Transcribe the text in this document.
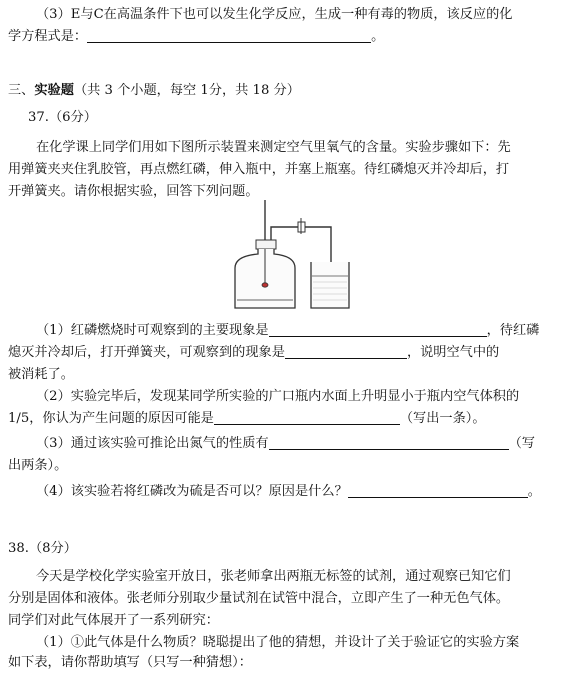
（3）E与C在高温条件下也可以发生化学反应，生成一种有毒的物质，该反应的化
学方程式是：	。
三、实验题（共 3 个小题，每空 1分，共 18 分）
37.（6分）
在化学课上同学们用如下图所示装置来测定空气里氧气的含量。实验步骤如下：先
用弹簧夹夹住乳胶管，再点燃红磷，伸入瓶中，并塞上瓶塞。待红磷熄灭并冷却后，打
开弹簧夹。请你根据实验，回答下列问题。
（1）红磷燃烧时可观察到的主要现象是	，待红磷
熄灭并冷却后，打开弹簧夹，可观察到的现象是	，说明空气中的
被消耗了。
（2）实验完毕后，发现某同学所实验的广口瓶内水面上升明显小于瓶内空气体积的
1/5，你认为产生问题的原因可能是	（写出一条）。
（3）通过该实验可推论出氮气的性质有	（写
出两条）。
（4）该实验若将红磷改为硫是否可以？原因是什么？	。
38.（8分）
今天是学校化学实验室开放日，张老师拿出两瓶无标签的试剂，通过观察已知它们
分别是固体和液体。张老师分别取少量试剂在试管中混合，立即产生了一种无色气体。
同学们对此气体展开了一系列研究：
（1）①此气体是什么物质？晓聪提出了他的猜想，并设计了关于验证它的实验方案
如下表，请你帮助填写（只写一种猜想）：
